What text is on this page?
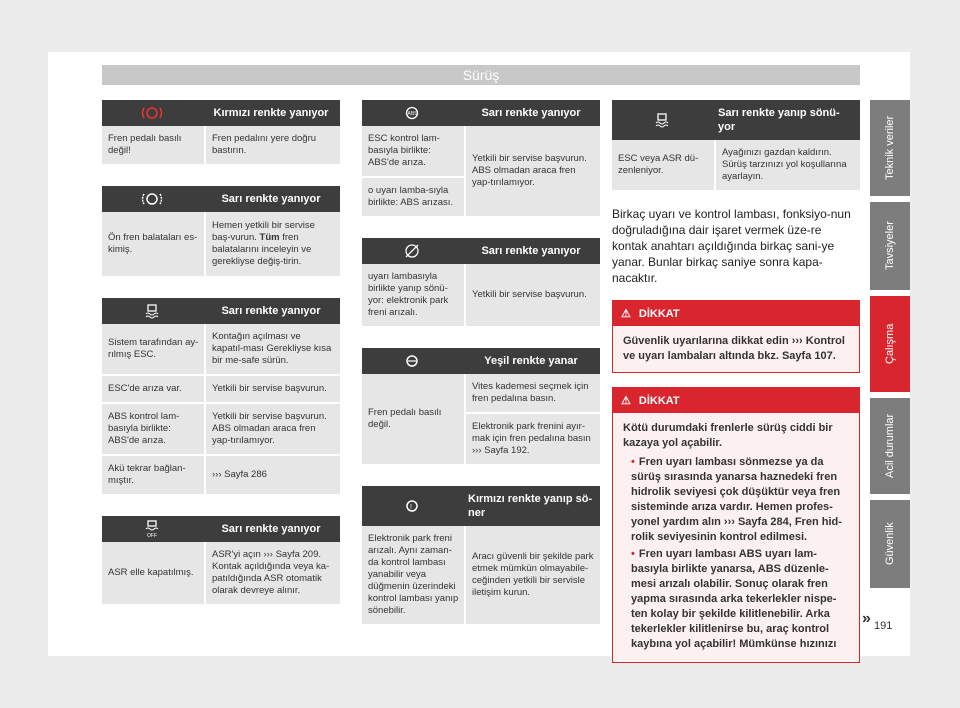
Sürüş
Kırmızı renkte yanıyor
Fren pedalı basılı değil!
Fren pedalını yere doğru bastırın.
Sarı renkte yanıyor
Ön fren balataları es-kimiş.
Hemen yetkili bir servise baş-vurun. Tüm fren balatalarını inceleyin ve gerekliyse değiş-tirin.
Sarı renkte yanıyor
Sistem tarafından ay-rılmış ESC.
Kontağın açılması ve kapatıl-ması Gerekliyse kısa bir me-safe sürün.
ESC'de arıza var.	Yetkili bir servise başvurun.
ABS kontrol lam-basıyla birlikte: ABS'de arıza.
Yetkili bir servise başvurun. ABS olmadan araca fren yap-tırılamıyor.
Akü tekrar bağlan-mıştır.
››› Sayfa 286
OFF
Sarı renkte yanıyor
ASR elle kapatılmış.
ASR'yi açın ››› Sayfa 209. Kontak açıldığında veya ka-patıldığında ASR otomatik olarak devreye alınır.
ABS	Sarı renkte yanıyor
ESC kontrol lam-basıyla birlikte: ABS'de arıza.
o uyarı lamba-sıyla birlikte: ABS arızası.
Yetkili bir servise başvurun. ABS olmadan araca fren yap-tırılamıyor.
Sarı renkte yanıyor
uyarı lambasıyla birlikte yanıp sönü-yor: elektronik park freni arızalı.
Yetkili bir servise başvurun.
Yeşil renkte yanar
Fren pedalı basılı değil.
Vites kademesi seçmek için fren pedalına basın.
Elektronik park frenini ayır-mak için fren pedalına basın ››› Sayfa 192.
!
Kırmızı renkte yanıp sö-ner
Elektronik park freni arızalı. Aynı zaman-da kontrol lambası yanabilir veya düğmenin üzerindeki kontrol lambası yanıp sönebilir.
Aracı güvenli bir şekilde park etmek mümkün olmayabile-ceğinden yetkili bir servisle iletişim kurun.
Sarı renkte yanıp sönü-yor
ESC veya ASR dü-zenleniyor.
Ayağınızı gazdan kaldırın. Sürüş tarzınızı yol koşullarına ayarlayın.

Birkaç uyarı ve kontrol lambası, fonksiyo-nun doğruladığına dair işaret vermek üze-re kontak anahtarı açıldığında birkaç sani-ye yanar. Bunlar birkaç saniye sonra kapa-nacaktır.

⚠ DİKKAT
Güvenlik uyarılarına dikkat edin ››› Kontrol ve uyarı lambaları altında bkz. Sayfa 107.
⚠ DİKKAT

Kötü durumdaki frenlerle sürüş ciddi bir kazaya yol açabilir.

• Fren uyarı lambası sönmezse ya da sürüş sırasında yanarsa haznedeki fren hidrolik seviyesi çok düşüktür veya fren sisteminde arıza vardır. Hemen profes-yonel yardım alın ››› Sayfa 284, Fren hid-rolik seviyesinin kontrol edilmesi.
• Fren uyarı lambası ABS uyarı lam-basıyla birlikte yanarsa, ABS düzenle-mesi arızalı olabilir. Sonuç olarak fren yapma sırasında arka tekerlekler nispe-ten kolay bir şekilde kilitlenebilir. Arka tekerlekler kilitlenirse bu, araç kontrol kaybına yol açabilir! Mümkünse hızınızı
Teknik veriler
Tavsiyeler
Çalışma
Acil durumlar
Güvenlik
» 191
